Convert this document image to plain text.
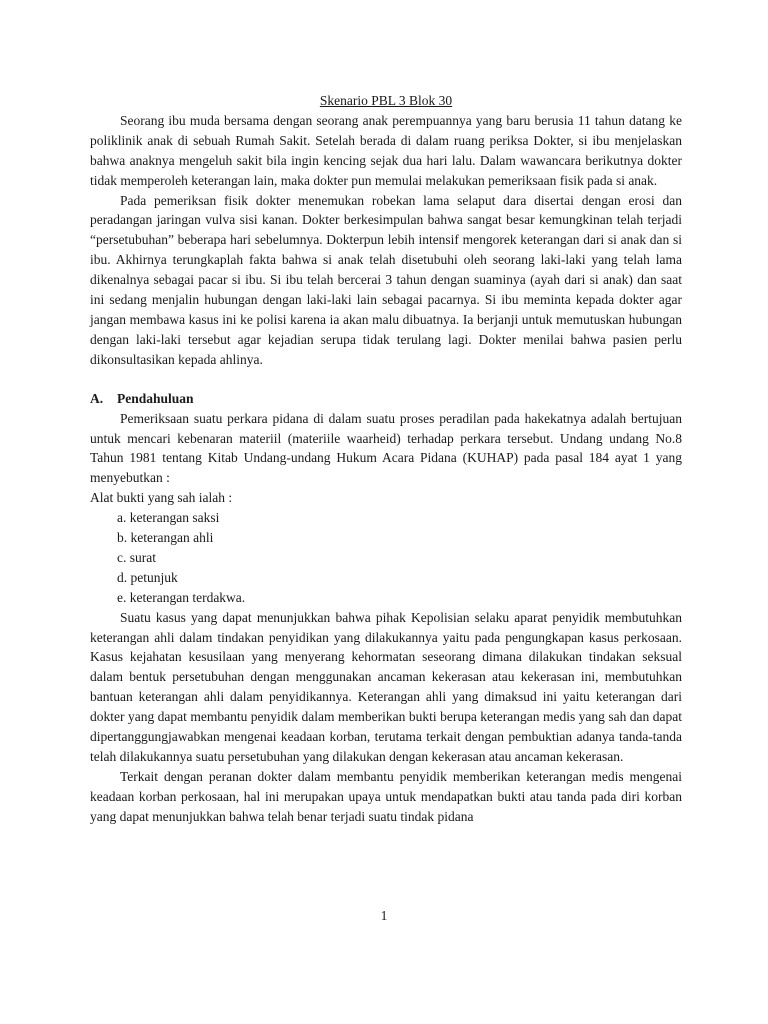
Skenario PBL 3 Blok 30
Seorang ibu muda bersama dengan seorang anak perempuannya yang baru berusia 11 tahun datang ke poliklinik anak di sebuah Rumah Sakit. Setelah berada di dalam ruang periksa Dokter, si ibu menjelaskan bahwa anaknya mengeluh sakit bila ingin kencing sejak dua hari lalu. Dalam wawancara berikutnya dokter tidak memperoleh keterangan lain, maka dokter pun memulai melakukan pemeriksaan fisik pada si anak.
Pada pemeriksan fisik dokter menemukan robekan lama selaput dara disertai dengan erosi dan peradangan jaringan vulva sisi kanan. Dokter berkesimpulan bahwa sangat besar kemungkinan telah terjadi “persetubuhan” beberapa hari sebelumnya. Dokterpun lebih intensif mengorek keterangan dari si anak dan si ibu. Akhirnya terungkaplah fakta bahwa si anak telah disetubuhi oleh seorang laki-laki yang telah lama dikenalnya sebagai pacar si ibu. Si ibu telah bercerai 3 tahun dengan suaminya (ayah dari si anak) dan saat ini sedang menjalin hubungan dengan laki-laki lain sebagai pacarnya. Si ibu meminta kepada dokter agar jangan membawa kasus ini ke polisi karena ia akan malu dibuatnya. Ia berjanji untuk memutuskan hubungan dengan laki-laki tersebut agar kejadian serupa tidak terulang lagi. Dokter menilai bahwa pasien perlu dikonsultasikan kepada ahlinya.
A.	Pendahuluan
Pemeriksaan suatu perkara pidana di dalam suatu proses peradilan pada hakekatnya adalah bertujuan untuk mencari kebenaran materiil (materiile waarheid) terhadap perkara tersebut. Undang undang No.8 Tahun 1981 tentang Kitab Undang-undang Hukum Acara Pidana (KUHAP) pada pasal 184 ayat 1 yang menyebutkan :
Alat bukti yang sah ialah :
a. keterangan saksi
b. keterangan ahli
c. surat
d. petunjuk
e. keterangan terdakwa.
Suatu kasus yang dapat menunjukkan bahwa pihak Kepolisian selaku aparat penyidik membutuhkan keterangan ahli dalam tindakan penyidikan yang dilakukannya yaitu pada pengungkapan kasus perkosaan. Kasus kejahatan kesusilaan yang menyerang kehormatan seseorang dimana dilakukan tindakan seksual dalam bentuk persetubuhan dengan menggunakan ancaman kekerasan atau kekerasan ini, membutuhkan bantuan keterangan ahli dalam penyidikannya. Keterangan ahli yang dimaksud ini yaitu keterangan dari dokter yang dapat membantu penyidik dalam memberikan bukti berupa keterangan medis yang sah dan dapat dipertanggungjawabkan mengenai keadaan korban, terutama terkait dengan pembuktian adanya tanda-tanda telah dilakukannya suatu persetubuhan yang dilakukan dengan kekerasan atau ancaman kekerasan.
Terkait dengan peranan dokter dalam membantu penyidik memberikan keterangan medis mengenai keadaan korban perkosaan, hal ini merupakan upaya untuk mendapatkan bukti atau tanda pada diri korban yang dapat menunjukkan bahwa telah benar terjadi suatu tindak pidana
1
